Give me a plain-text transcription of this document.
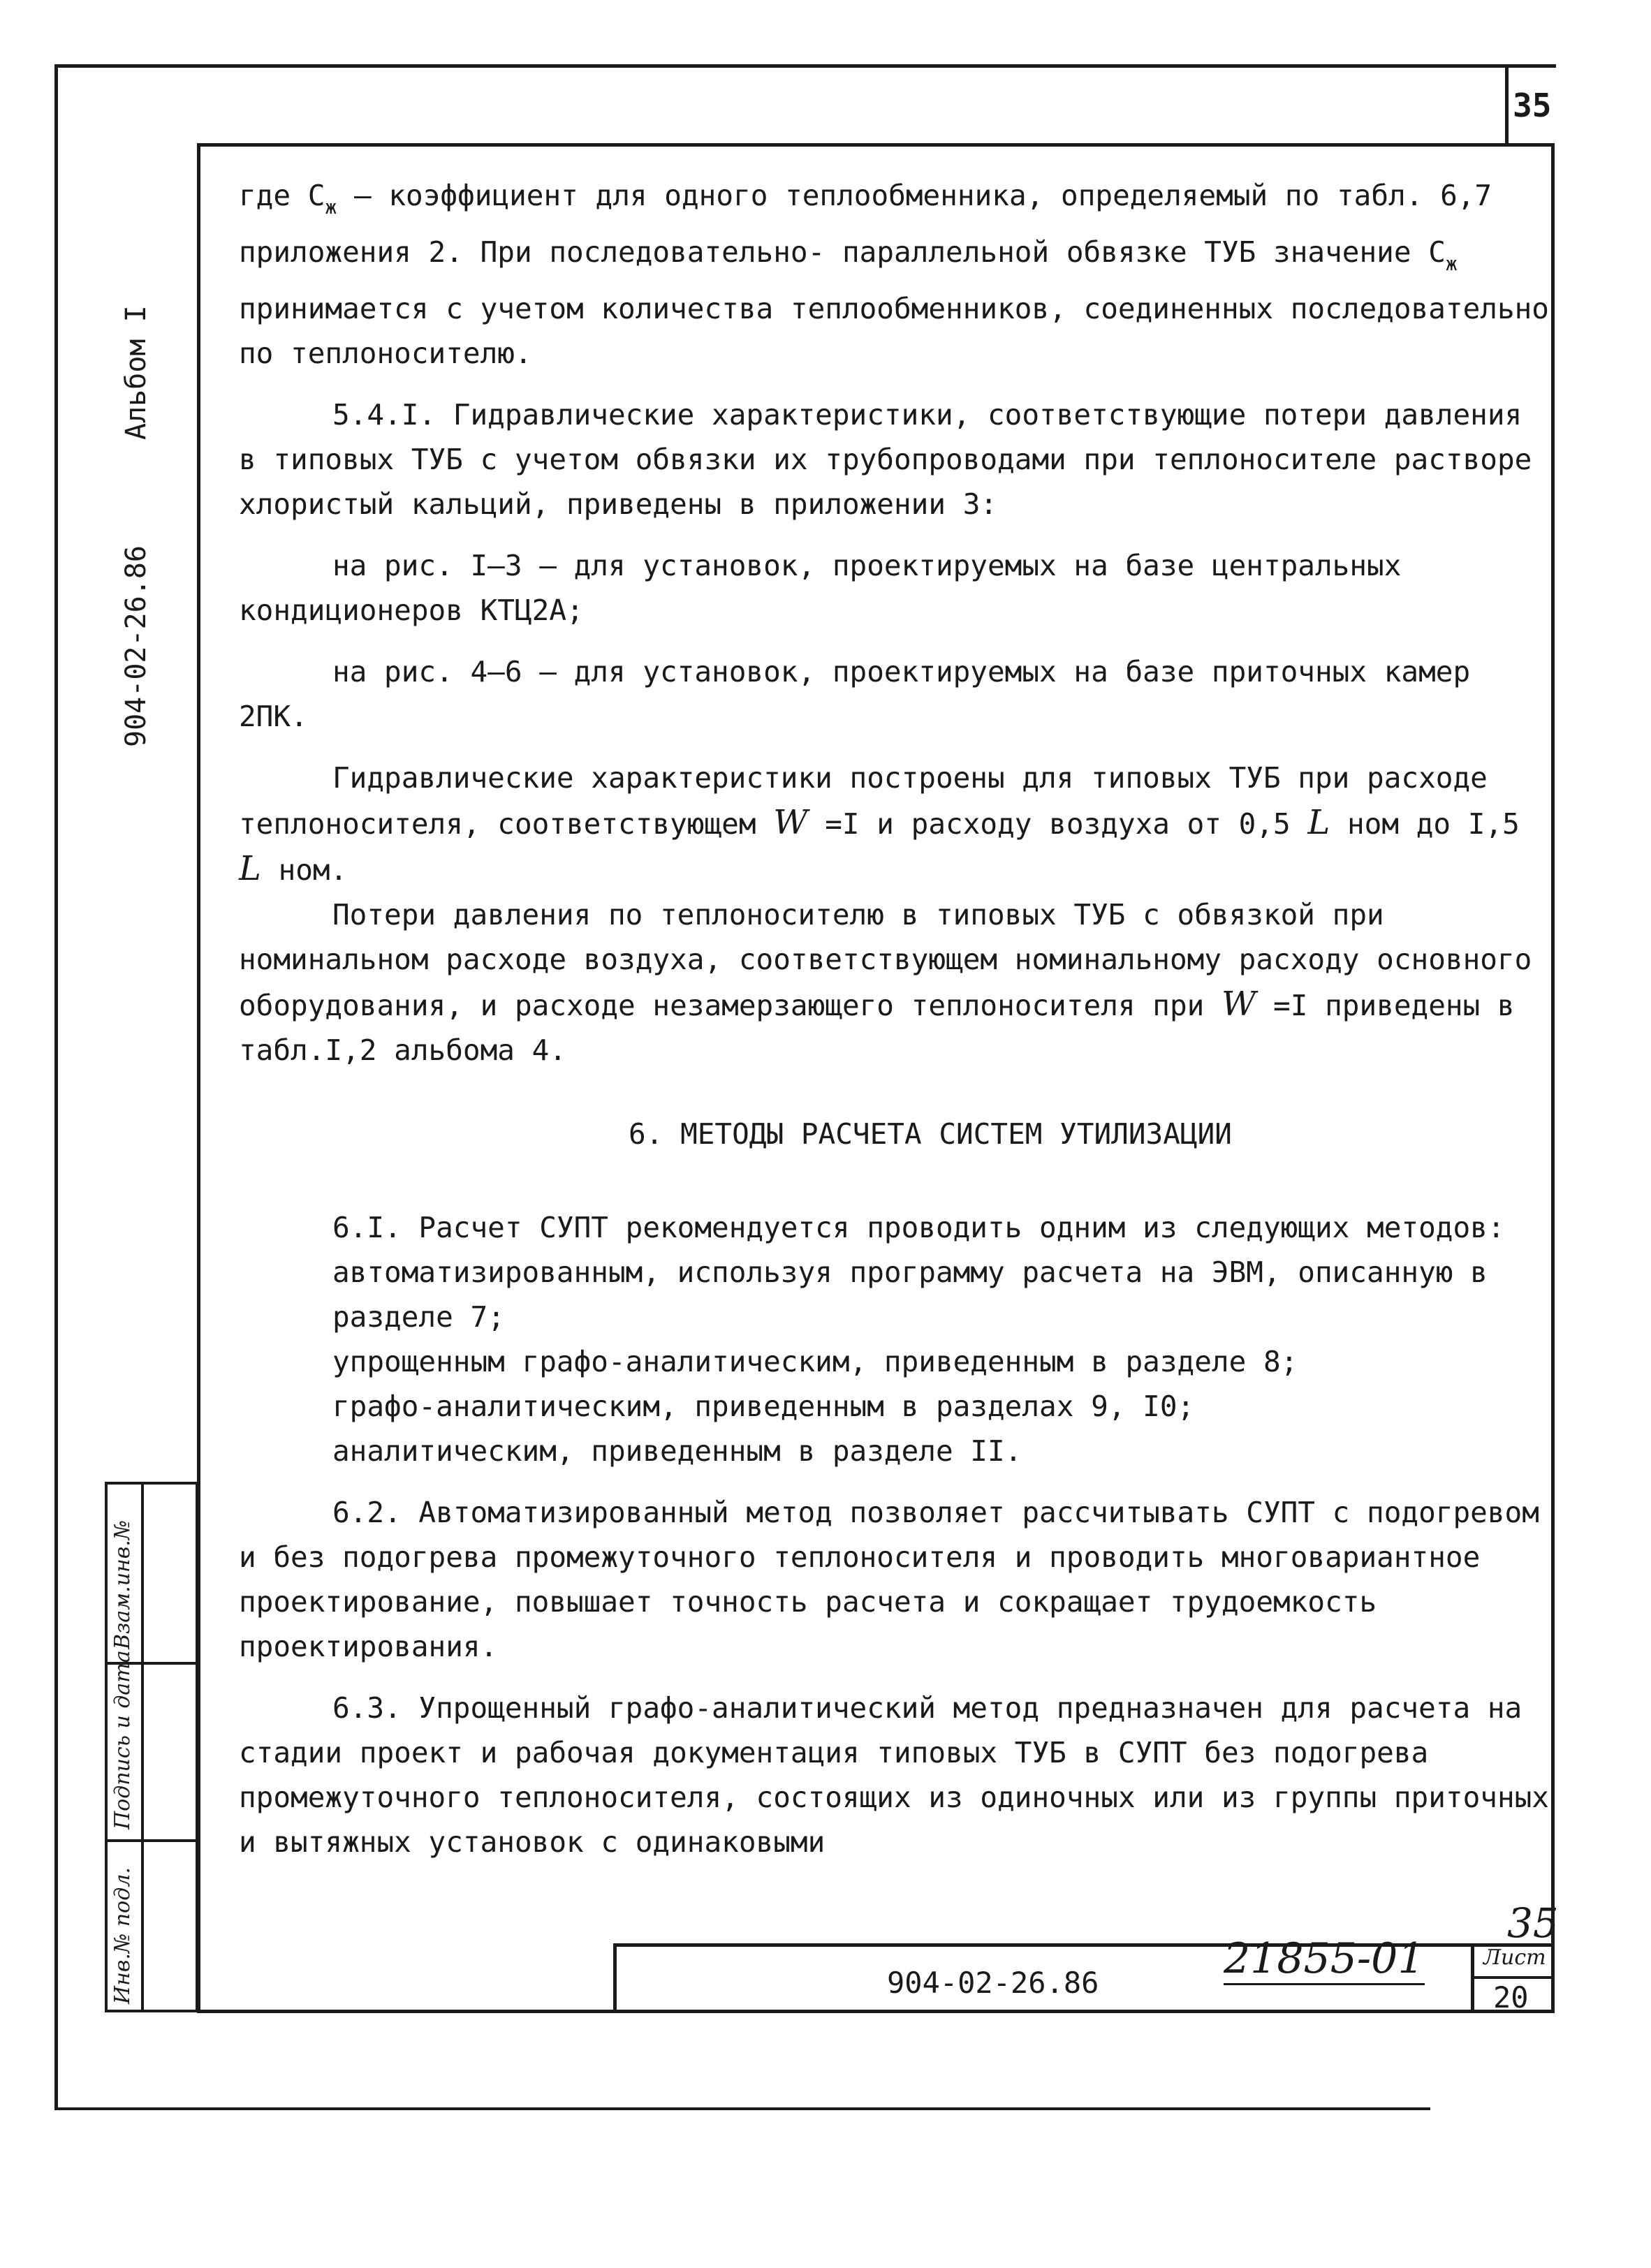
35
Альбом I
904-02-26.86
Взам.инв.№
Подпись и дата
Инв.№ подл.

где $С_ж$ – коэффициент для одного теплообменника, определяемый по табл. 6,7 приложения 2. При последовательно- параллельной обвязке ТУБ значение $С_ж$ принимается с учетом количества теплообменников, соединенных последовательно по теплоносителю.

5.4.I. Гидравлические характеристики, соответствующие потери давления в типовых ТУБ с учетом обвязки их трубопроводами при теплоносителе растворе хлористый кальций, приведены в приложении 3:

на рис. I–3 – для установок, проектируемых на базе центральных кондиционеров КТЦ2А;

на рис. 4–6 – для установок, проектируемых на базе приточных камер 2ПК.

Гидравлические характеристики построены для типовых ТУБ при расходе теплоносителя, соответствующем W =I и расходу воздуха от 0,5 L ном до I,5 L ном.

Потери давления по теплоносителю в типовых ТУБ с обвязкой при номинальном расходе воздуха, соответствующем номинальному расходу основного оборудования, и расходе незамерзающего теплоносителя при W =I приведены в табл.I,2 альбома 4.

6. МЕТОДЫ РАСЧЕТА СИСТЕМ УТИЛИЗАЦИИ

6.I. Расчет СУПТ рекомендуется проводить одним из следующих методов:

автоматизированным, используя программу расчета на ЭВМ, описанную в разделе 7;

упрощенным графо-аналитическим, приведенным в разделе 8;

графо-аналитическим, приведенным в разделах 9, I0;

аналитическим, приведенным в разделе II.

6.2. Автоматизированный метод позволяет рассчитывать СУПТ с подогревом и без подогрева промежуточного теплоносителя и проводить многовариантное проектирование, повышает точность расчета и сокращает трудоемкость проектирования.

6.3. Упрощенный графо-аналитический метод предназначен для расчета на стадии проект и рабочая документация типовых ТУБ в СУПТ без подогрева промежуточного теплоносителя, состоящих из одиночных или из группы приточных и вытяжных установок с одинаковыми

35
21855-01
904-02-26.86
Лист
20
